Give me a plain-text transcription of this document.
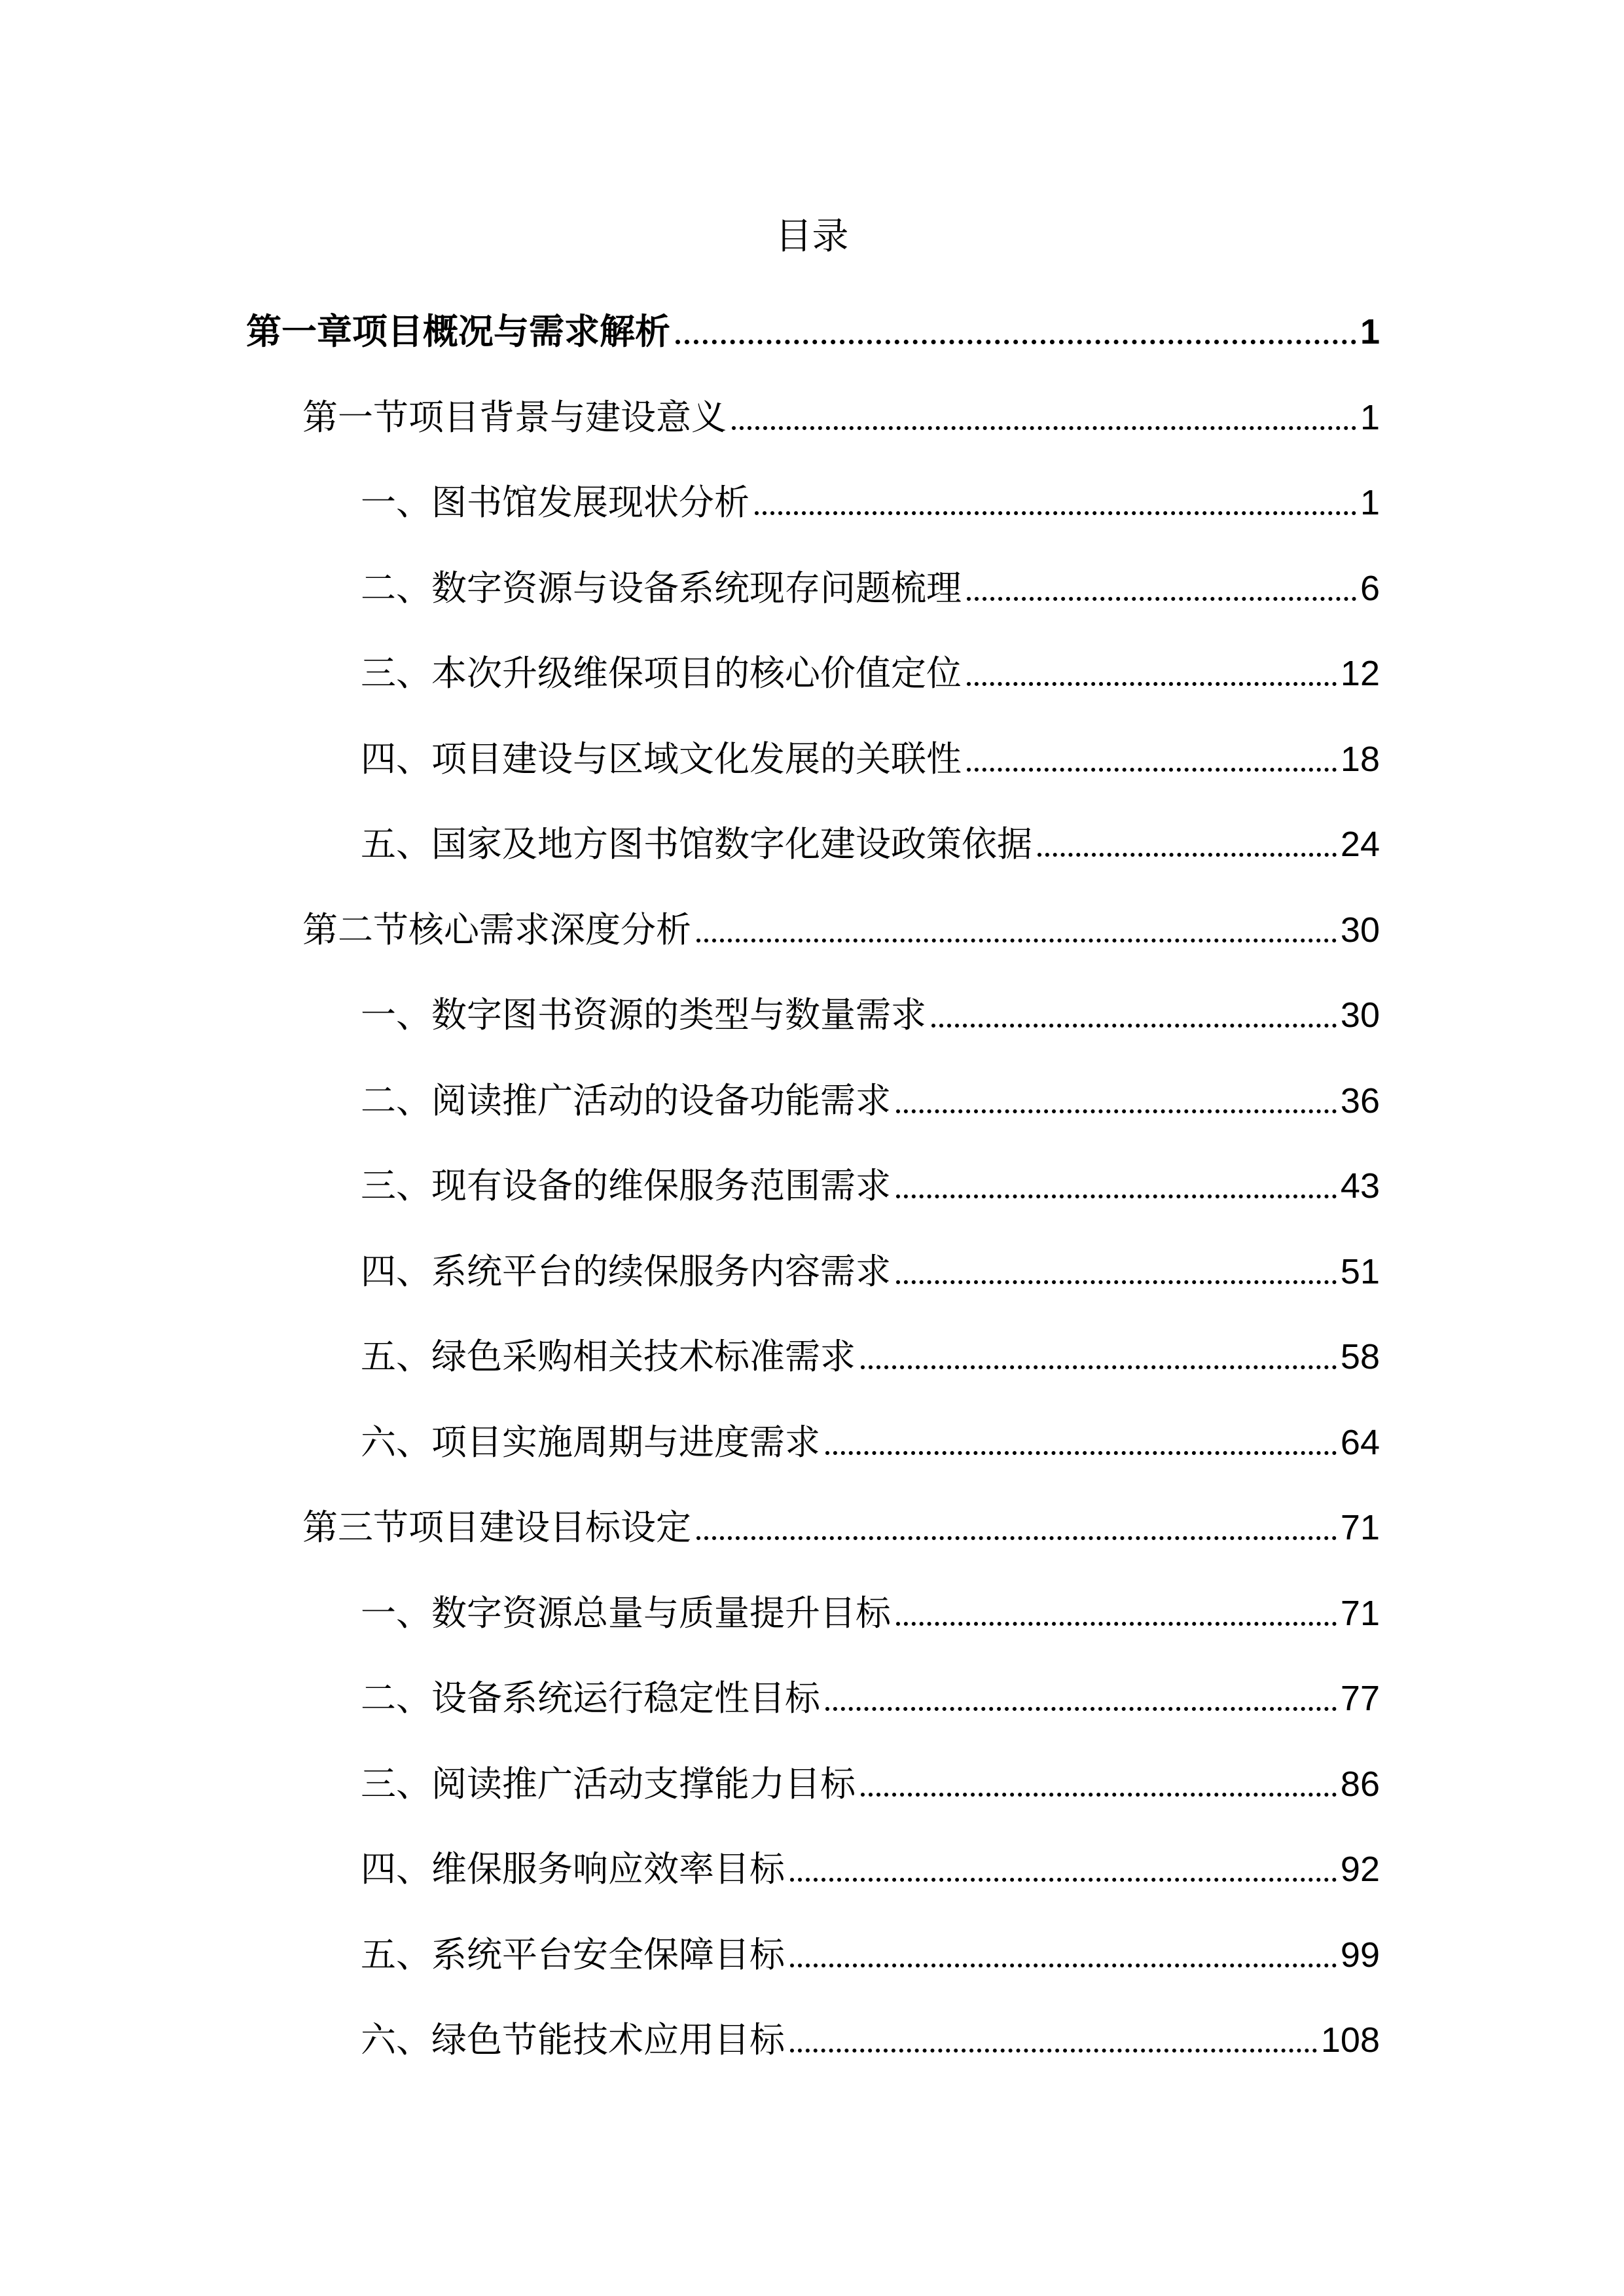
目录
第一章项目概况与需求解析	1
第一节项目背景与建设意义	1
一、图书馆发展现状分析	1
二、数字资源与设备系统现存问题梳理	6
三、本次升级维保项目的核心价值定位	12
四、项目建设与区域文化发展的关联性	18
五、国家及地方图书馆数字化建设政策依据	24
第二节核心需求深度分析	30
一、数字图书资源的类型与数量需求	30
二、阅读推广活动的设备功能需求	36
三、现有设备的维保服务范围需求	43
四、系统平台的续保服务内容需求	51
五、绿色采购相关技术标准需求	58
六、项目实施周期与进度需求	64
第三节项目建设目标设定	71
一、数字资源总量与质量提升目标	71
二、设备系统运行稳定性目标	77
三、阅读推广活动支撑能力目标	86
四、维保服务响应效率目标	92
五、系统平台安全保障目标	99
六、绿色节能技术应用目标	108
